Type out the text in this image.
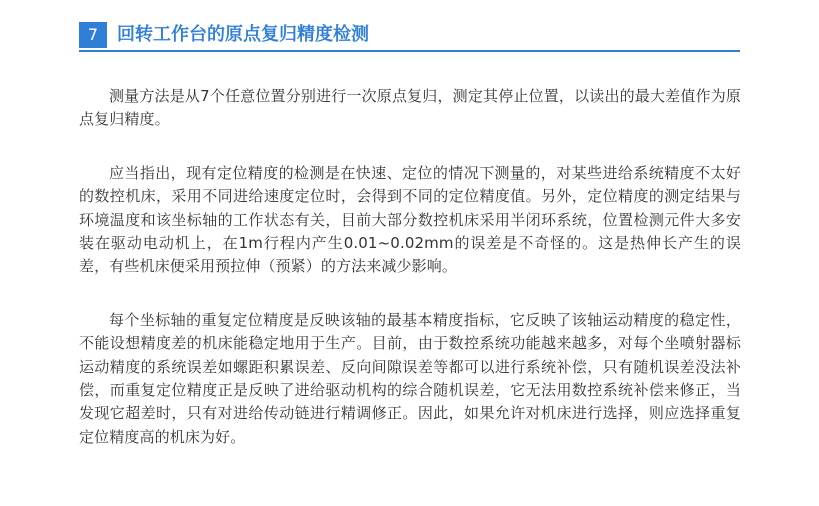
7	回转工作台的原点复归精度检测

测量方法是从7个任意位置分别进行一次原点复归，测定其停止位置，以读出的最大差值作为原点复归精度。

应当指出，现有定位精度的检测是在快速、定位的情况下测量的，对某些进给系统精度不太好的数控机床，采用不同进给速度定位时，会得到不同的定位精度值。另外，定位精度的测定结果与环境温度和该坐标轴的工作状态有关，目前大部分数控机床采用半闭环系统，位置检测元件大多安装在驱动电动机上，在1m行程内产生0.01~0.02mm的误差是不奇怪的。这是热伸长产生的误差，有些机床便采用预拉伸（预紧）的方法来减少影响。

每个坐标轴的重复定位精度是反映该轴的最基本精度指标，它反映了该轴运动精度的稳定性，不能设想精度差的机床能稳定地用于生产。目前，由于数控系统功能越来越多，对每个坐喷射器标运动精度的系统误差如螺距积累误差、反向间隙误差等都可以进行系统补偿，只有随机误差没法补偿，而重复定位精度正是反映了进给驱动机构的综合随机误差，它无法用数控系统补偿来修正，当发现它超差时，只有对进给传动链进行精调修正。因此，如果允许对机床进行选择，则应选择重复定位精度高的机床为好。
